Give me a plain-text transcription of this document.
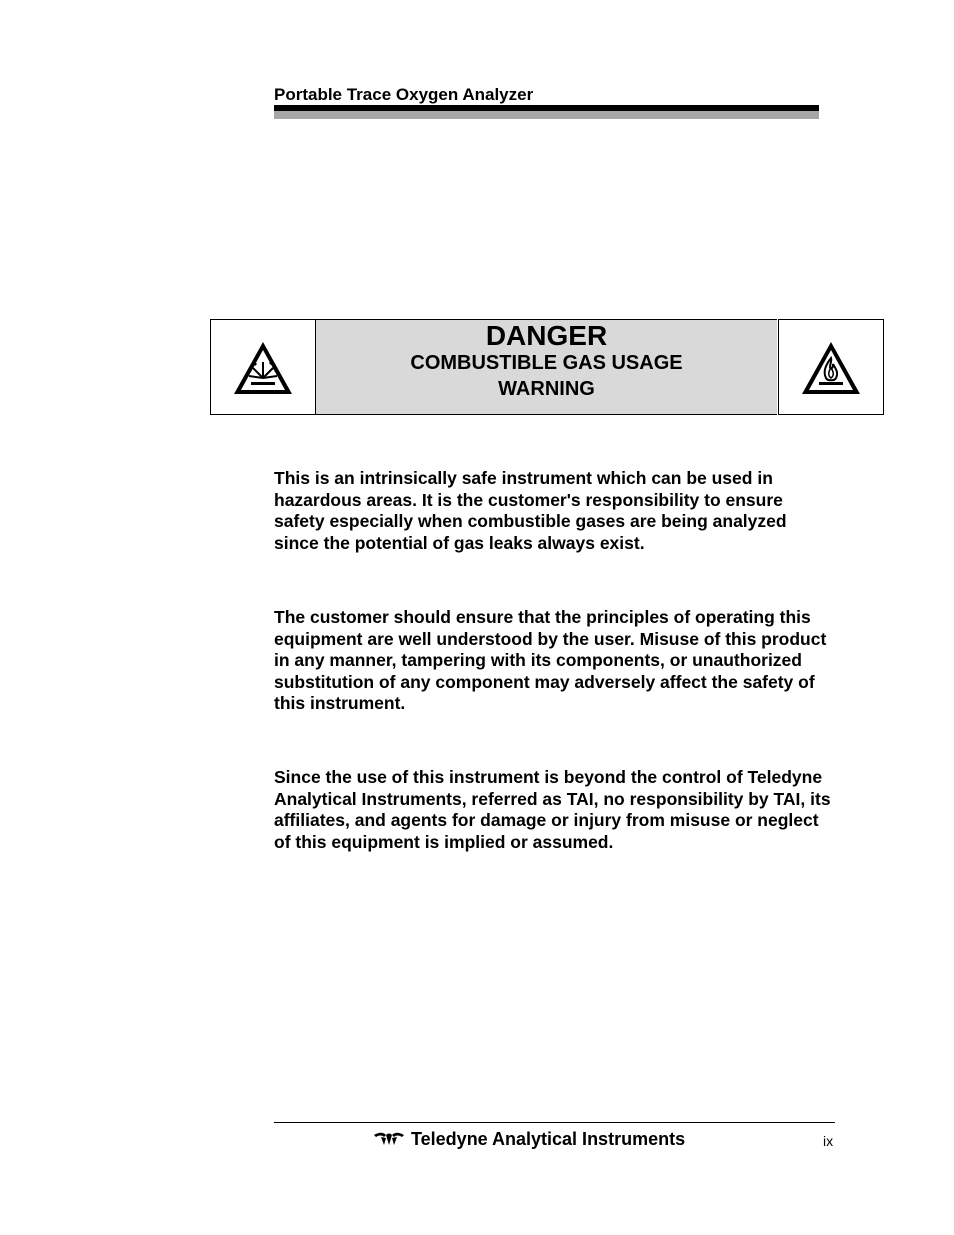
Portable Trace Oxygen Analyzer
DANGER
COMBUSTIBLE GAS USAGE
WARNING
This is an intrinsically safe instrument which can be used in hazardous areas. It is the customer's responsibility to ensure safety especially when combustible gases are being analyzed since the potential of gas leaks always exist.
The customer should ensure that the principles of operating this equipment are well understood by the user. Misuse of this product in any manner, tampering with its components, or unauthorized substitution of any component may adversely affect the safety of this instrument.
Since the use of this instrument is beyond the control of Teledyne Analytical Instruments, referred as TAI, no responsibility by TAI, its affiliates, and agents for damage or injury from misuse or neglect of this equipment is implied or assumed.
Teledyne Analytical Instruments	ix
